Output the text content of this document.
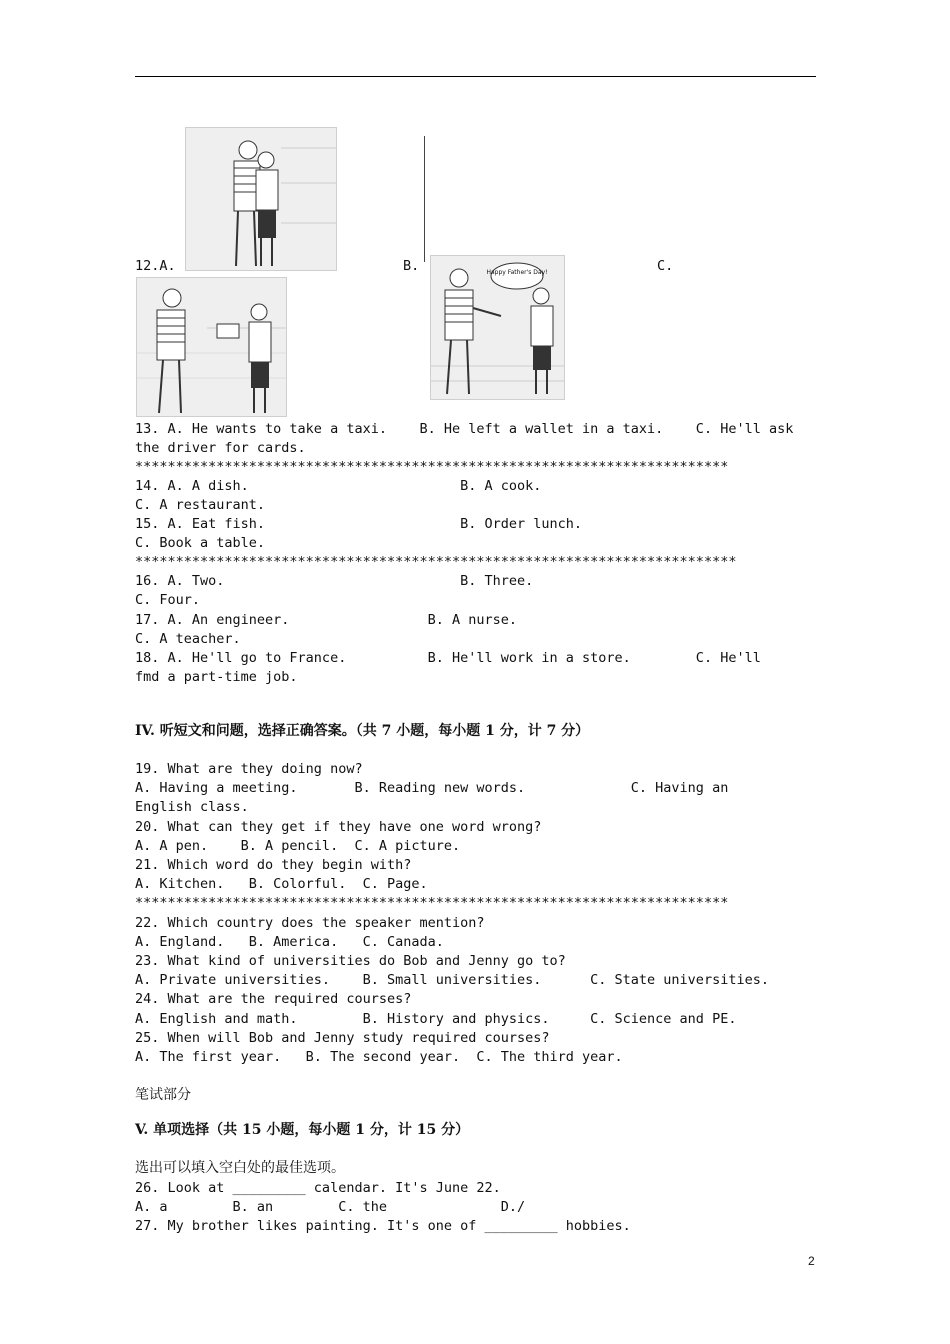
12.A.	B.	C.
Happy Father's Day!
13. A. He wants to take a taxi.    B. He left a wallet in a taxi.    C. He'll ask
the driver for cards.
*************************************************************************
14. A. A dish.                          B. A cook.
C. A restaurant.
15. A. Eat fish.                        B. Order lunch.
C. Book a table.
**************************************************************************
16. A. Two.                             B. Three.
C. Four.
17. A. An engineer.                 B. A nurse.
C. A teacher.
18. A. He'll go to France.          B. He'll work in a store.        C. He'll
fmd a part-time job.
IV. 听短文和问题，选择正确答案。（共 7 小题，每小题 1 分，计 7 分）
19. What are they doing now?
A. Having a meeting.       B. Reading new words.             C. Having an
English class.
20. What can they get if they have one word wrong?
A. A pen.    B. A pencil.  C. A picture.
21. Which word do they begin with?
A. Kitchen.   B. Colorful.  C. Page.
*************************************************************************
22. Which country does the speaker mention?
A. England.   B. America.   C. Canada.
23. What kind of universities do Bob and Jenny go to?
A. Private universities.    B. Small universities.      C. State universities.
24. What are the required courses?
A. English and math.        B. History and physics.     C. Science and PE.
25. When will Bob and Jenny study required courses?
A. The first year.   B. The second year.  C. The third year.
笔试部分
V. 单项选择（共 15 小题，每小题 1 分，计 15 分）
选出可以填入空白处的最佳选项。
26. Look at _________ calendar. It's June 22.
A. a        B. an        C. the              D./
27. My brother likes painting. It's one of _________ hobbies.
2
